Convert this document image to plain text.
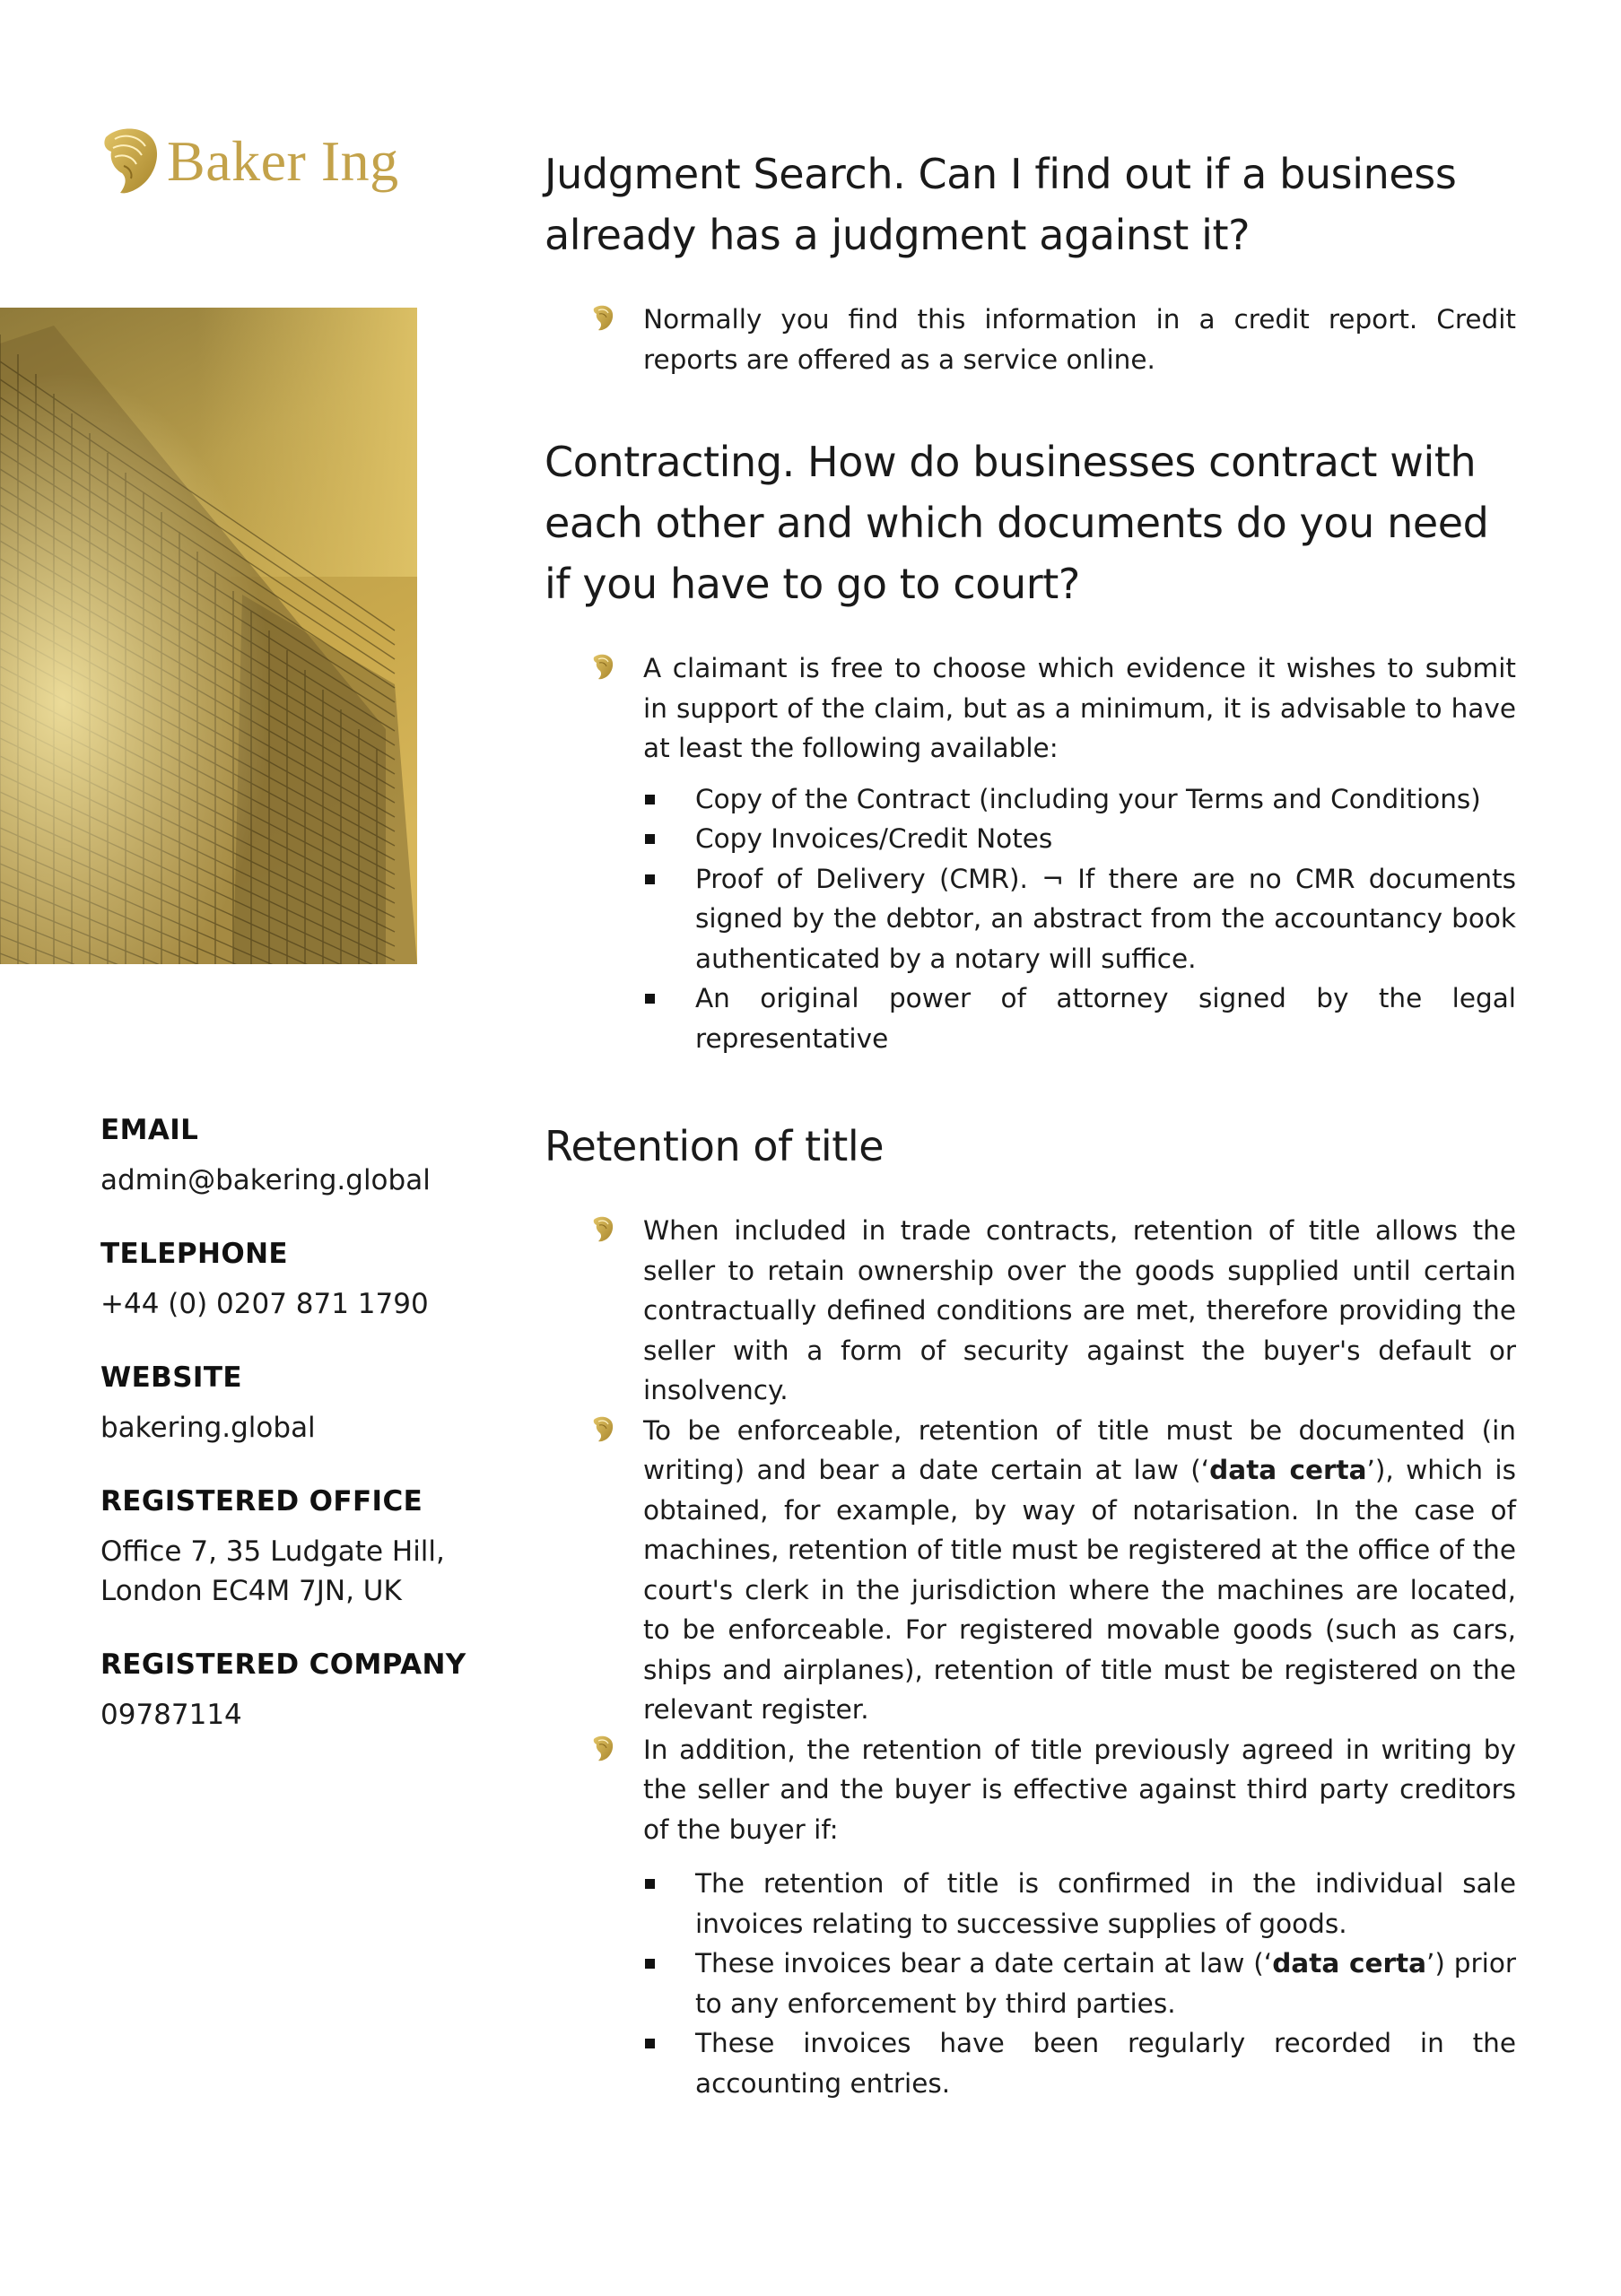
Baker Ing

EMAIL

admin@bakering.global

TELEPHONE

+44 (0) 0207 871 1790

WEBSITE

bakering.global

REGISTERED OFFICE

Office 7, 35 Ludgate Hill,

London EC4M 7JN, UK

REGISTERED COMPANY

09787114

Judgment Search. Can I find out if a business already has a judgment against it?
Normally you find this information in a credit report. Credit reports are offered as a service online.
Contracting. How do businesses contract with each other and which documents do you need if you have to go to court?
A claimant is free to choose which evidence it wishes to submit in support of the claim, but as a minimum, it is advisable to have at least the following available:
Copy of the Contract (including your Terms and Conditions)
Copy Invoices/Credit Notes
Proof of Delivery (CMR). ¬ If there are no CMR documents signed by the debtor, an abstract from the accountancy book authenticated by a notary will suffice.
An original power of attorney signed by the legal representative
Retention of title
When included in trade contracts, retention of title allows the seller to retain ownership over the goods supplied until certain contractually defined conditions are met, therefore providing the seller with a form of security against the buyer's default or insolvency.
To be enforceable, retention of title must be documented (in writing) and bear a date certain at law (‘data certa’), which is obtained, for example, by way of notarisation. In the case of machines, retention of title must be registered at the office of the court's clerk in the jurisdiction where the machines are located, to be enforceable. For registered movable goods (such as cars, ships and airplanes), retention of title must be registered on the relevant register.
In addition, the retention of title previously agreed in writing by the seller and the buyer is effective against third party creditors of the buyer if:
The retention of title is confirmed in the individual sale invoices relating to successive supplies of goods.
These invoices bear a date certain at law (‘data certa’) prior to any enforcement by third parties.
These invoices have been regularly recorded in the accounting entries.
